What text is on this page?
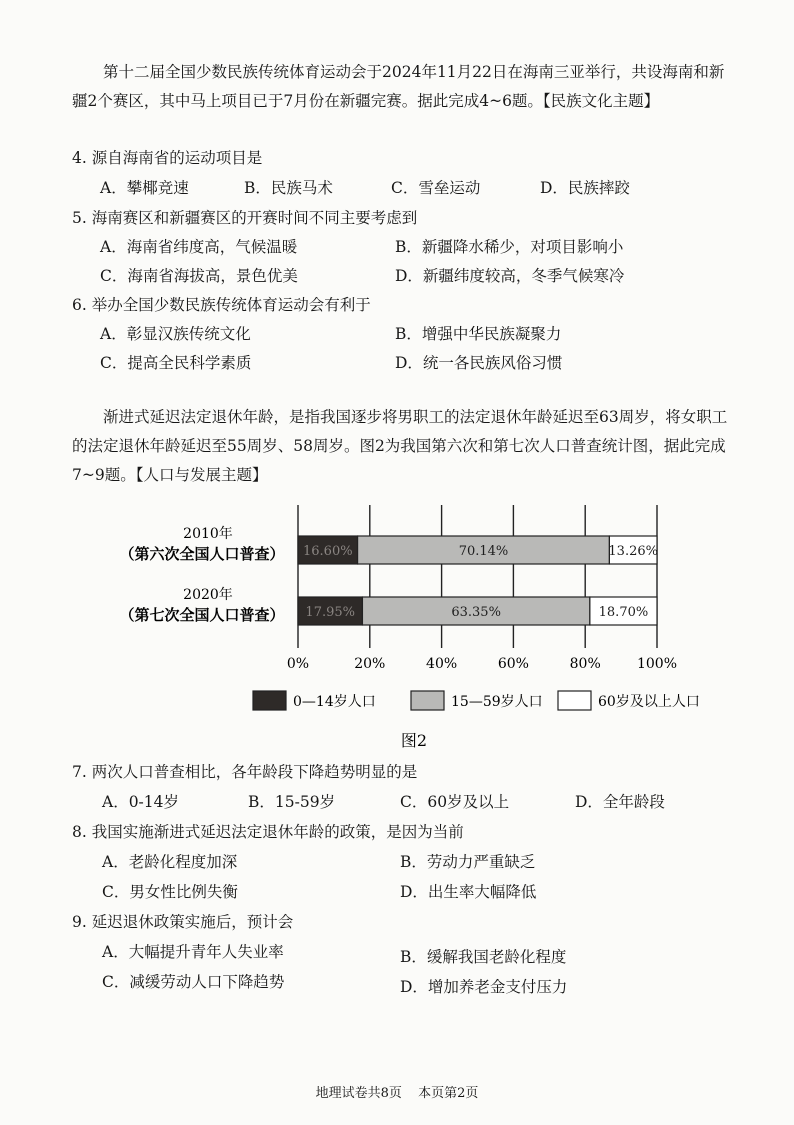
第十二届全国少数民族传统体育运动会于2024年11月22日在海南三亚举行，共设海南和新疆2个赛区，其中马上项目已于7月份在新疆完赛。据此完成4~6题。【民族文化主题】

4. 源自海南省的运动项目是
A．攀椰竞速	B．民族马术	C．雪垒运动	D．民族摔跤
5. 海南赛区和新疆赛区的开赛时间不同主要考虑到
A．海南省纬度高，气候温暖	B．新疆降水稀少，对项目影响小
C．海南省海拔高，景色优美	D．新疆纬度较高，冬季气候寒冷
6. 举办全国少数民族传统体育运动会有利于
A．彰显汉族传统文化	B．增强中华民族凝聚力
C．提高全民科学素质	D．统一各民族风俗习惯

渐进式延迟法定退休年龄，是指我国逐步将男职工的法定退休年龄延迟至63周岁，将女职工的法定退休年龄延迟至55周岁、58周岁。图2为我国第六次和第七次人口普查统计图，据此完成7~9题。【人口与发展主题】

16.60%	70.14%	13.26%
17.95%	63.35%	18.70%
0%	20%	40%	60%	80%	100%
2010年
（第六次全国人口普查）
2020年
（第七次全国人口普查）
0—14岁人口	15—59岁人口	60岁及以上人口
图2
7. 两次人口普查相比，各年龄段下降趋势明显的是
A．0-14岁	B．15-59岁	C．60岁及以上	D．全年龄段
8. 我国实施渐进式延迟法定退休年龄的政策，是因为当前
A．老龄化程度加深	B．劳动力严重缺乏
C．男女性比例失衡	D．出生率大幅降低
9. 延迟退休政策实施后，预计会
A．大幅提升青年人失业率	B．缓解我国老龄化程度
C．减缓劳动人口下降趋势	D．增加养老金支付压力
地理试卷共8页 本页第2页
